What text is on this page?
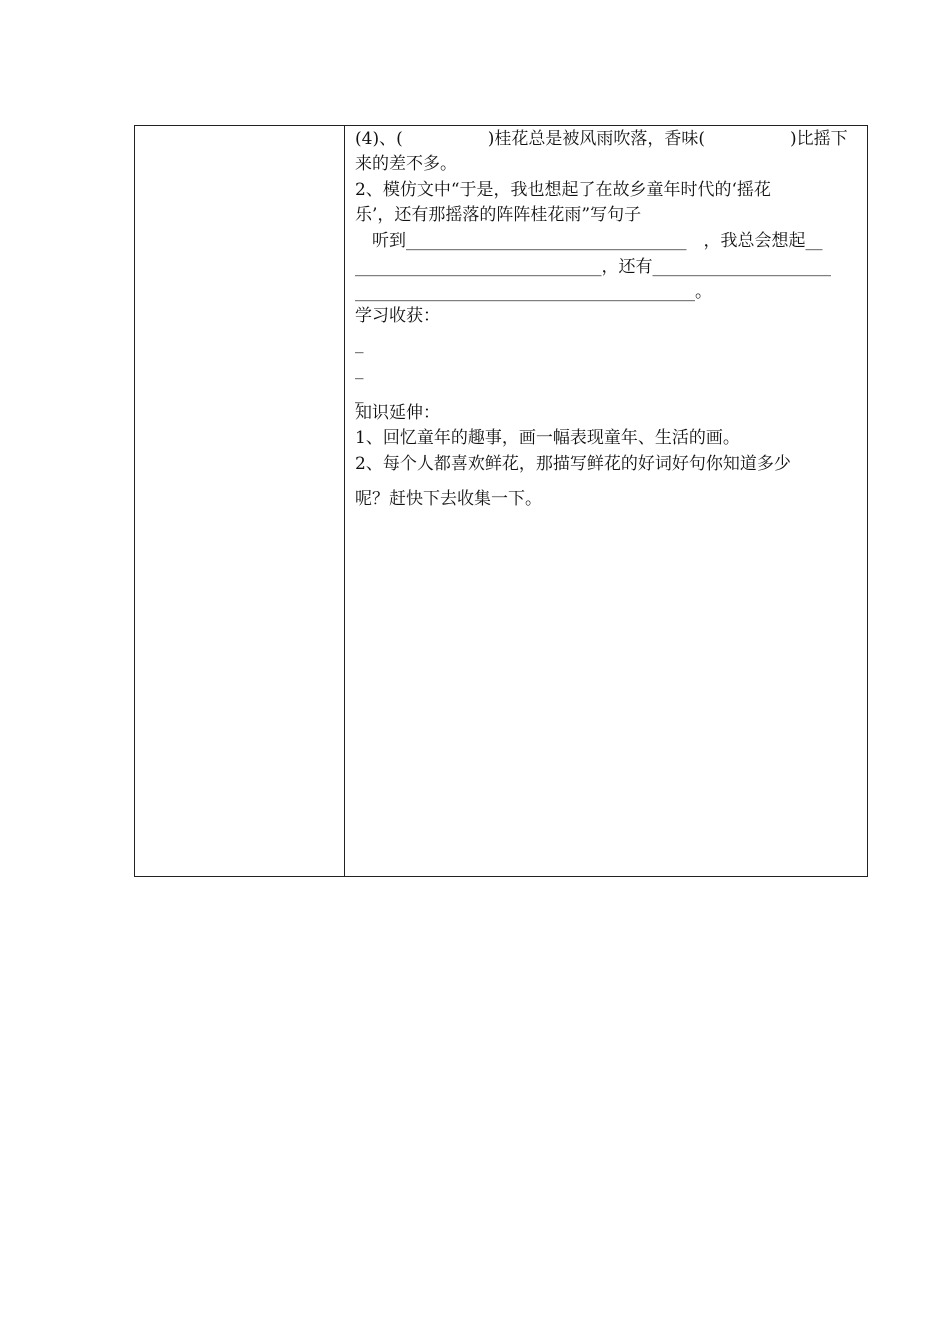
(4)、(　　　　　)桂花总是被风雨吹落，香味(　　　　　)比摇下
来的差不多。
2、模仿文中“于是，我也想起了在故乡童年时代的‘摇花
乐’，还有那摇落的阵阵桂花雨”写句子
　听到_________________________________　，我总会想起__
_____________________________，还有_____________________
________________________________________。
学习收获：
_
_
_
知识延伸：
1、回忆童年的趣事，画一幅表现童年、生活的画。
2、每个人都喜欢鲜花，那描写鲜花的好词好句你知道多少
呢？赶快下去收集一下。
